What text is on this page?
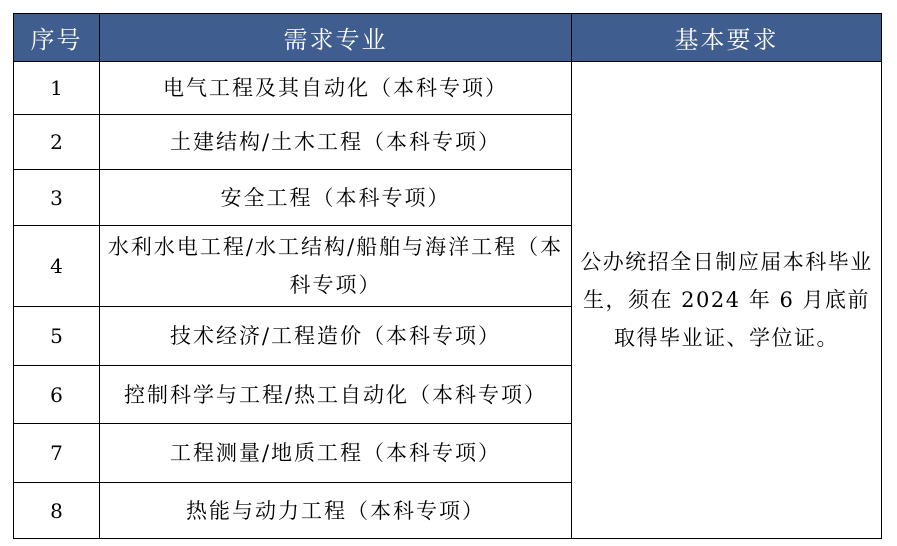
序号	需求专业	基本要求
1	电气工程及其自动化（本科专项）	公办统招全日制应届本科毕业生，须在 2024 年 6 月底前取得毕业证、学位证。
2	土建结构/土木工程（本科专项）	
3	安全工程（本科专项）	
4	水利水电工程/水工结构/船舶与海洋工程（本科专项）	
5	技术经济/工程造价（本科专项）	
6	控制科学与工程/热工自动化（本科专项）	
7	工程测量/地质工程（本科专项）	
8	热能与动力工程（本科专项）	
